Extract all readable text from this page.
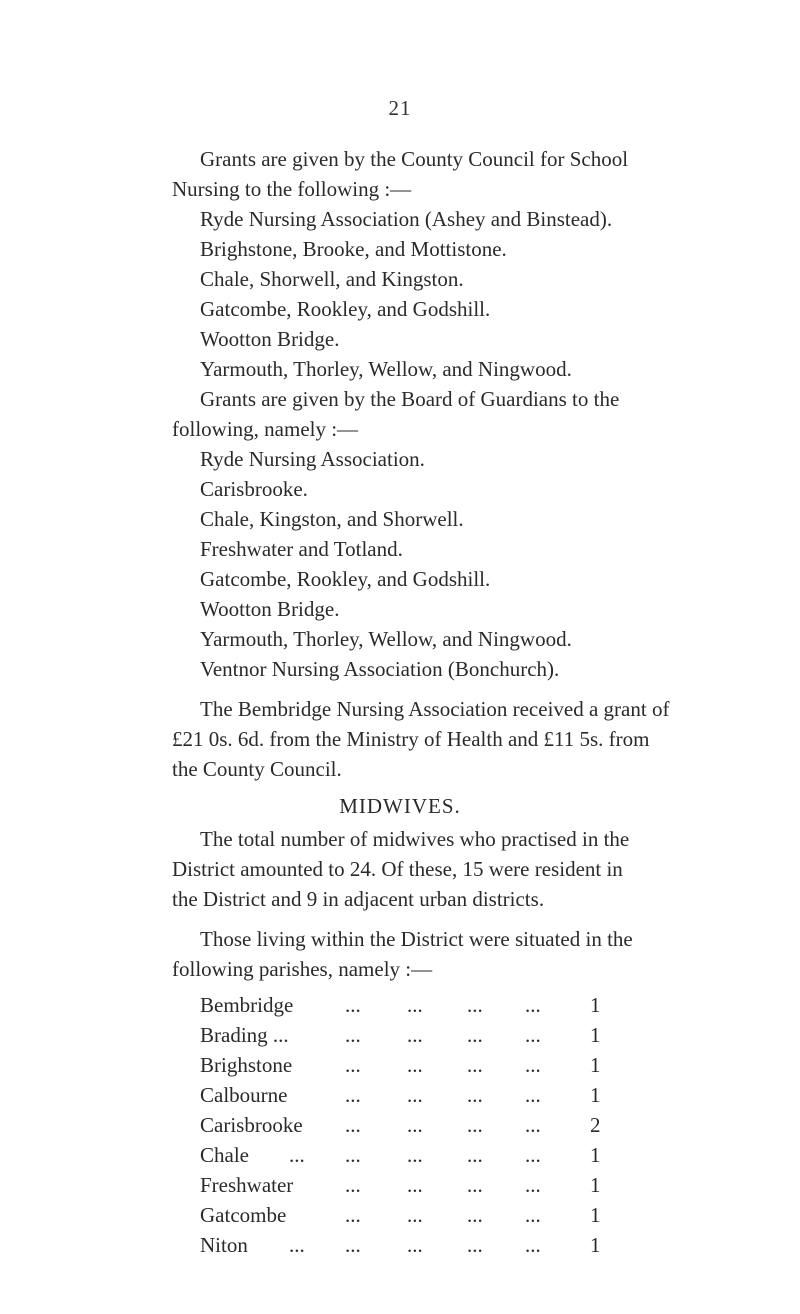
21
Grants are given by the County Council for School
Nursing to the following :—
Ryde Nursing Association (Ashey and Binstead).
Brighstone, Brooke, and Mottistone.
Chale, Shorwell, and Kingston.
Gatcombe, Rookley, and Godshill.
Wootton Bridge.
Yarmouth, Thorley, Wellow, and Ningwood.
Grants are given by the Board of Guardians to the
following, namely :—
Ryde Nursing Association.
Carisbrooke.
Chale, Kingston, and Shorwell.
Freshwater and Totland.
Gatcombe, Rookley, and Godshill.
Wootton Bridge.
Yarmouth, Thorley, Wellow, and Ningwood.
Ventnor Nursing Association (Bonchurch).
The Bembridge Nursing Association received a grant of
£21 0s. 6d. from the Ministry of Health and £11 5s. from
the County Council.
MIDWIVES.
The total number of midwives who practised in the
District amounted to 24. Of these, 15 were resident in
the District and 9 in adjacent urban districts.
Those living within the District were situated in the
following parishes, namely :—
Bembridge ... ... ... ... 1
Brading ...	... ... ... ... 1
Brighstone	... ... ... ... 1
Calbourne	... ... ... ... 1
Carisbrooke ... ... ... ... 2
Chale ... ... ... ... ... 1
Freshwater ... ... ... ... 1
Gatcombe	... ... ... ... 1
Niton ... ... ... ... ... 1
